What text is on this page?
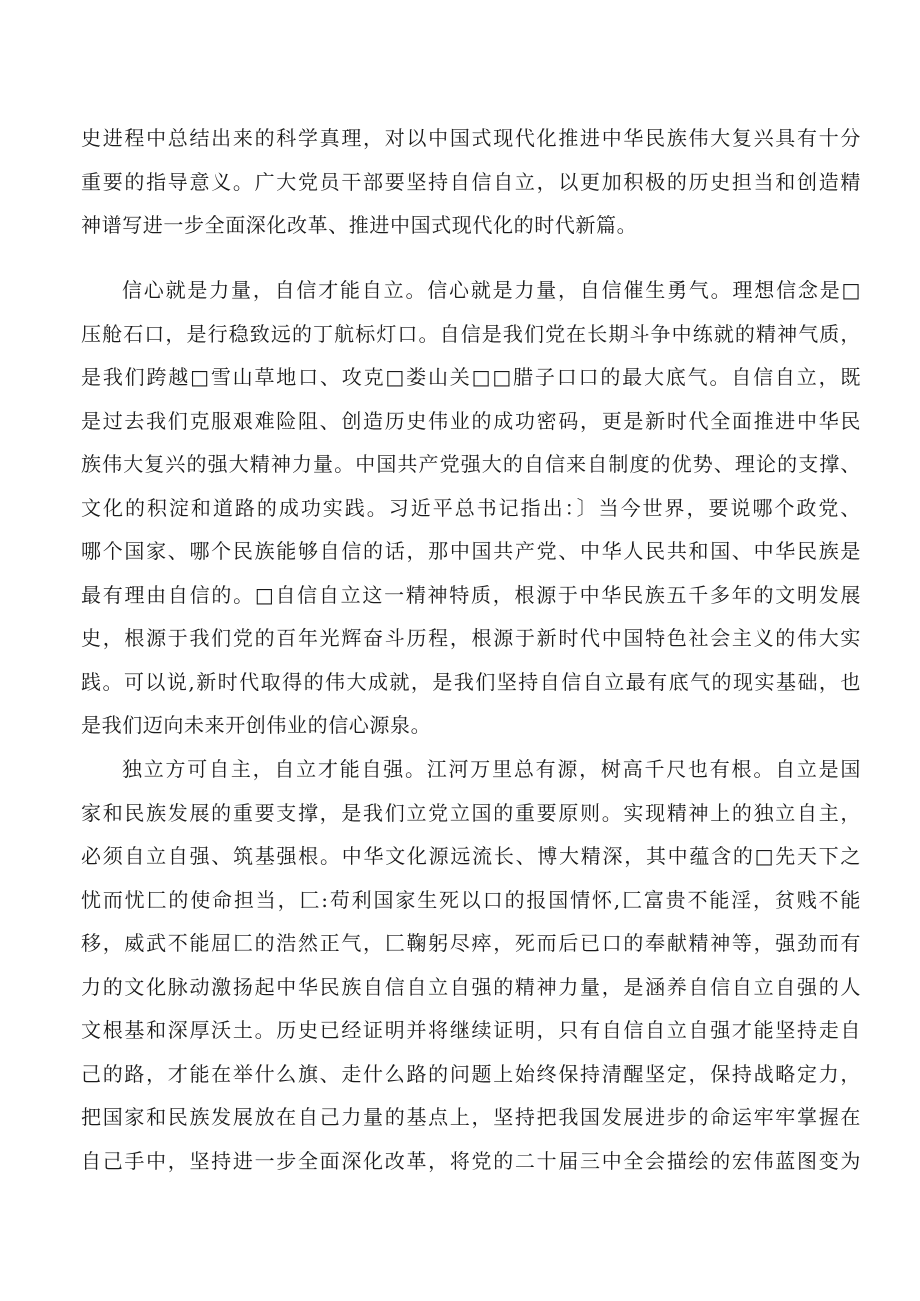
史进程中总结出来的科学真理，对以中国式现代化推进中华民族伟大复兴具有十分
重要的指导意义。广大党员干部要坚持自信自立，以更加积极的历史担当和创造精
神谱写进一步全面深化改革、推进中国式现代化的时代新篇。
信心就是力量，自信才能自立。信心就是力量，自信催生勇气。理想信念是□
压舱石口，是行稳致远的丁航标灯口。自信是我们党在长期斗争中练就的精神气质，
是我们跨越□雪山草地口、攻克□娄山关□□腊子口口的最大底气。自信自立，既
是过去我们克服艰难险阻、创造历史伟业的成功密码，更是新时代全面推进中华民
族伟大复兴的强大精神力量。中国共产党强大的自信来自制度的优势、理论的支撑、
文化的积淀和道路的成功实践。习近平总书记指出：〕当今世界，要说哪个政党、
哪个国家、哪个民族能够自信的话，那中国共产党、中华人民共和国、中华民族是
最有理由自信的。□自信自立这一精神特质，根源于中华民族五千多年的文明发展
史，根源于我们党的百年光辉奋斗历程，根源于新时代中国特色社会主义的伟大实
践。可以说,新时代取得的伟大成就，是我们坚持自信自立最有底气的现实基础，也
是我们迈向未来开创伟业的信心源泉。
独立方可自主，自立才能自强。江河万里总有源，树高千尺也有根。自立是国
家和民族发展的重要支撑，是我们立党立国的重要原则。实现精神上的独立自主，
必须自立自强、筑基强根。中华文化源远流长、博大精深，其中蕴含的□先天下之
忧而忧匚的使命担当，匚:苟利国家生死以口的报国情怀,匚富贵不能淫，贫贱不能
移，威武不能屈匚的浩然正气，匚鞠躬尽瘁，死而后已口的奉献精神等，强劲而有
力的文化脉动激扬起中华民族自信自立自强的精神力量，是涵养自信自立自强的人
文根基和深厚沃土。历史已经证明并将继续证明，只有自信自立自强才能坚持走自
己的路，才能在举什么旗、走什么路的问题上始终保持清醒坚定，保持战略定力，
把国家和民族发展放在自己力量的基点上，坚持把我国发展进步的命运牢牢掌握在
自己手中，坚持进一步全面深化改革，将党的二十届三中全会描绘的宏伟蓝图变为
